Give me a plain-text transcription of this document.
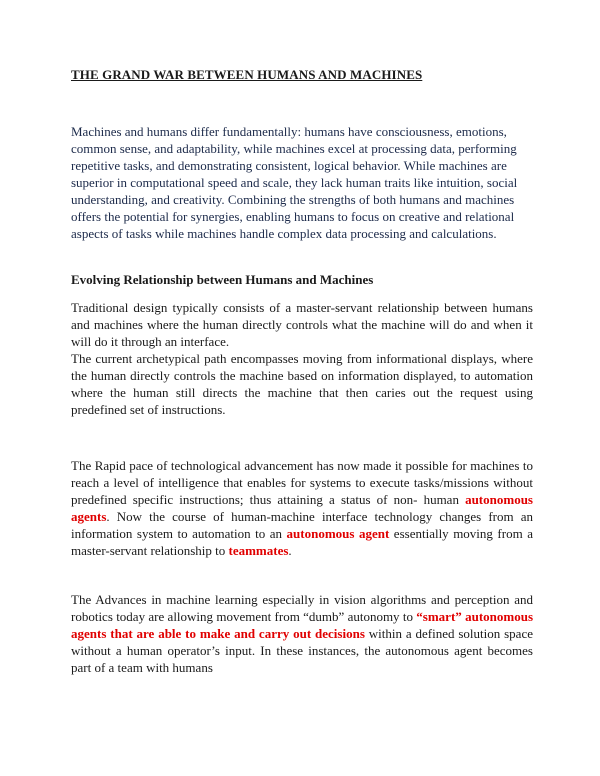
THE GRAND WAR BETWEEN HUMANS AND MACHINES

Machines and humans differ fundamentally: humans have consciousness, emotions, common sense, and adaptability, while machines excel at processing data, performing repetitive tasks, and demonstrating consistent, logical behavior. While machines are superior in computational speed and scale, they lack human traits like intuition, social understanding, and creativity. Combining the strengths of both humans and machines offers the potential for synergies, enabling humans to focus on creative and relational aspects of tasks while machines handle complex data processing and calculations.

Evolving Relationship between Humans and Machines

Traditional design typically consists of a master-servant relationship between humans and machines where the human directly controls what the machine will do and when it will do it through an interface.

The current archetypical path encompasses moving from informational displays, where the human directly controls the machine based on information displayed, to automation where the human still directs the machine that then caries out the request using predefined set of instructions.

The Rapid pace of technological advancement has now made it possible for machines to reach a level of intelligence that enables for systems to execute tasks/missions without predefined specific instructions; thus attaining a status of non- human autonomous agents. Now the course of human-machine interface technology changes from an information system to automation to an autonomous agent essentially moving from a master-servant relationship to teammates.

The Advances in machine learning especially in vision algorithms and perception and robotics today are allowing movement from “dumb” autonomy to “smart” autonomous agents that are able to make and carry out decisions within a defined solution space without a human operator’s input. In these instances, the autonomous agent becomes part of a team with humans
